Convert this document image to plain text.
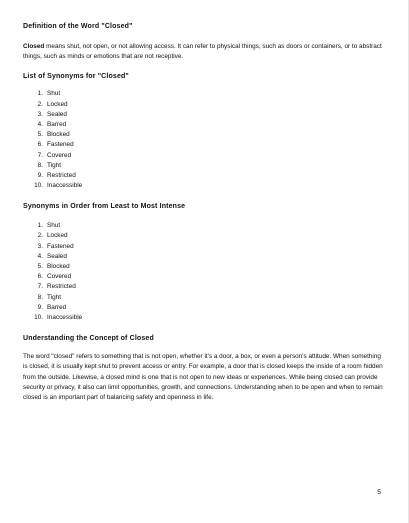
Definition of the Word "Closed"

Closed means shut, not open, or not allowing access. It can refer to physical things, such as doors or containers, or to abstract things, such as minds or emotions that are not receptive.

List of Synonyms for "Closed"
1. Shut
2. Locked
3. Sealed
4. Barred
5. Blocked
6. Fastened
7. Covered
8. Tight
9. Restricted
10. Inaccessible
Synonyms in Order from Least to Most Intense
1. Shut
2. Locked
3. Fastened
4. Sealed
5. Blocked
6. Covered
7. Restricted
8. Tight
9. Barred
10. Inaccessible
Understanding the Concept of Closed

The word "closed" refers to something that is not open, whether it's a door, a box, or even a person's attitude. When something is closed, it is usually kept shut to prevent access or entry. For example, a door that is closed keeps the inside of a room hidden from the outside. Likewise, a closed mind is one that is not open to new ideas or experiences. While being closed can provide security or privacy, it also can limit opportunities, growth, and connections. Understanding when to be open and when to remain closed is an important part of balancing safety and openness in life.

5
